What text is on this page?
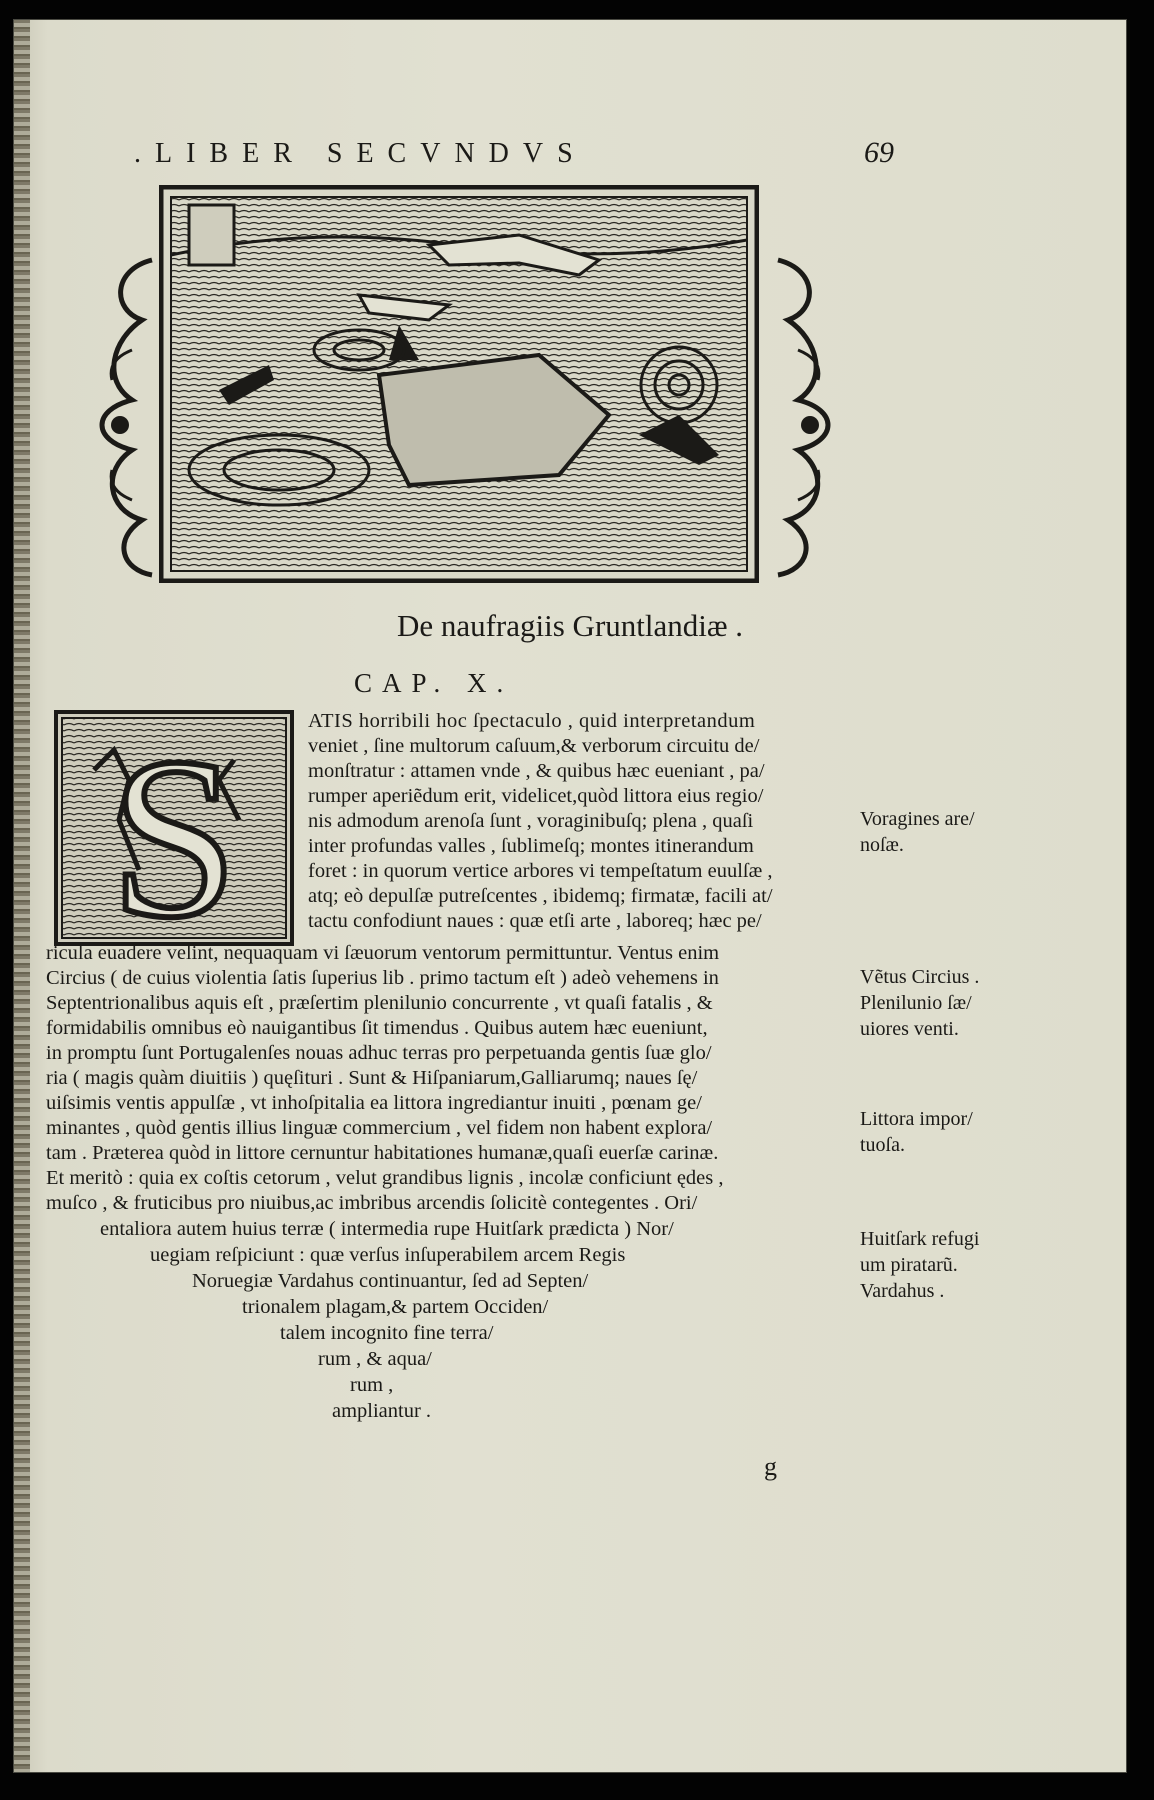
.LIBER SECVNDVS	69
De naufragiis Gruntlandiæ .
CAP. X.
S	ATIS horribili hoc ſpectaculo , quid interpretandum
veniet , ſine multorum caſuum,& verborum circuitu de/
monſtratur : attamen vnde , & quibus hæc eueniant , pa/
rumper aperiẽdum erit, videlicet,quòd littora eius regio/
nis admodum arenoſa ſunt , voraginibuſq; plena , quaſi
inter profundas valles , ſublimeſq; montes itinerandum
foret : in quorum vertice arbores vi tempeſtatum euulſæ ,
atq; eò depulſæ putreſcentes , ibidemq; firmatæ, facili at/
tactu confodiunt naues : quæ etſi arte , laboreq; hæc pe/
ricula euadere velint, nequaquam vi ſæuorum ventorum permittuntur. Ventus enim
Circius ( de cuius violentia ſatis ſuperius lib . primo tactum eſt ) adeò vehemens in
Septentrionalibus aquis eſt , præſertim plenilunio concurrente , vt quaſi fatalis , &
formidabilis omnibus eò nauigantibus ſit timendus . Quibus autem hæc eueniunt,
in promptu ſunt Portugalenſes nouas adhuc terras pro perpetuanda gentis ſuæ glo/
ria ( magis quàm diuitiis ) quęſituri . Sunt & Hiſpaniarum,Galliarumq; naues ſę/
uiſsimis ventis appulſæ , vt inhoſpitalia ea littora ingrediantur inuiti , pœnam ge/
minantes , quòd gentis illius linguæ commercium , vel fidem non habent explora/
tam . Præterea quòd in littore cernuntur habitationes humanæ,quaſi euerſæ carinæ.
Et meritò : quia ex coſtis cetorum , velut grandibus lignis , incolæ conficiunt ędes ,
muſco , & fruticibus pro niuibus,ac imbribus arcendis ſolicitè contegentes . Ori/
entaliora autem huius terræ ( intermedia rupe Huitſark prædicta ) Nor/
uegiam reſpiciunt : quæ verſus inſuperabilem arcem Regis
Noruegiæ Vardahus continuantur, ſed ad Septen/
trionalem plagam,& partem Occiden/
talem incognito fine terra/
rum , & aqua/
rum ,
ampliantur .
Voragines are/
noſæ.
Vẽtus Circius .
Plenilunio ſæ/
uiores venti.
Littora impor/
tuoſa.
Huitſark refugi
um piratarũ.
Vardahus .
g
